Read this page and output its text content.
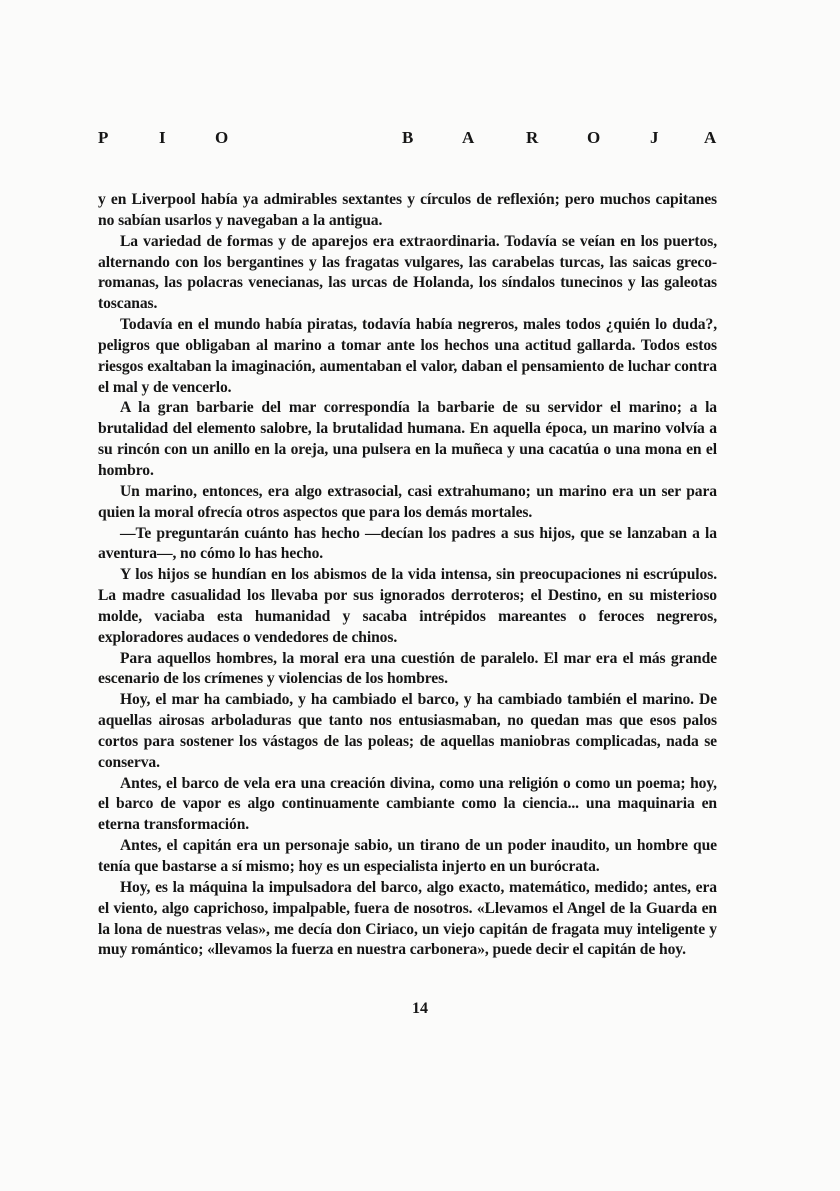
P	I	O	B	A	R	O	J	A

y en Liverpool había ya admirables sextantes y círculos de reflexión; pero muchos capitanes no sabían usarlos y navegaban a la antigua.

La variedad de formas y de aparejos era extraordinaria. Todavía se veían en los puertos, alternando con los bergantines y las fragatas vulgares, las carabelas turcas, las saicas greco-romanas, las polacras venecianas, las urcas de Holanda, los síndalos tunecinos y las galeotas toscanas.

Todavía en el mundo había piratas, todavía había negreros, males todos ¿quién lo duda?, peligros que obligaban al marino a tomar ante los hechos una actitud gallarda. Todos estos riesgos exaltaban la imaginación, aumentaban el valor, daban el pensamiento de luchar contra el mal y de vencerlo.

A la gran barbarie del mar correspondía la barbarie de su servidor el marino; a la brutalidad del elemento salobre, la brutalidad humana. En aquella época, un marino volvía a su rincón con un anillo en la oreja, una pulsera en la muñeca y una cacatúa o una mona en el hombro.

Un marino, entonces, era algo extrasocial, casi extrahumano; un marino era un ser para quien la moral ofrecía otros aspectos que para los demás mortales.

—Te preguntarán cuánto has hecho —decían los padres a sus hijos, que se lanzaban a la aventura—, no cómo lo has hecho.

Y los hijos se hundían en los abismos de la vida intensa, sin preocupaciones ni escrúpulos. La madre casualidad los llevaba por sus ignorados derroteros; el Destino, en su misterioso molde, vaciaba esta humanidad y sacaba intrépidos mareantes o feroces negreros, exploradores audaces o vendedores de chinos.

Para aquellos hombres, la moral era una cuestión de paralelo. El mar era el más grande escenario de los crímenes y violencias de los hombres.

Hoy, el mar ha cambiado, y ha cambiado el barco, y ha cambiado también el marino. De aquellas airosas arboladuras que tanto nos entusiasmaban, no quedan mas que esos palos cortos para sostener los vástagos de las poleas; de aquellas maniobras complicadas, nada se conserva.

Antes, el barco de vela era una creación divina, como una religión o como un poema; hoy, el barco de vapor es algo continuamente cambiante como la ciencia... una maquinaria en eterna transformación.

Antes, el capitán era un personaje sabio, un tirano de un poder inaudito, un hombre que tenía que bastarse a sí mismo; hoy es un especialista injerto en un burócrata.

Hoy, es la máquina la impulsadora del barco, algo exacto, matemático, medido; antes, era el viento, algo caprichoso, impalpable, fuera de nosotros. «Llevamos el Angel de la Guarda en la lona de nuestras velas», me decía don Ciriaco, un viejo capitán de fragata muy inteligente y muy romántico; «llevamos la fuerza en nuestra carbonera», puede decir el capitán de hoy.

14
